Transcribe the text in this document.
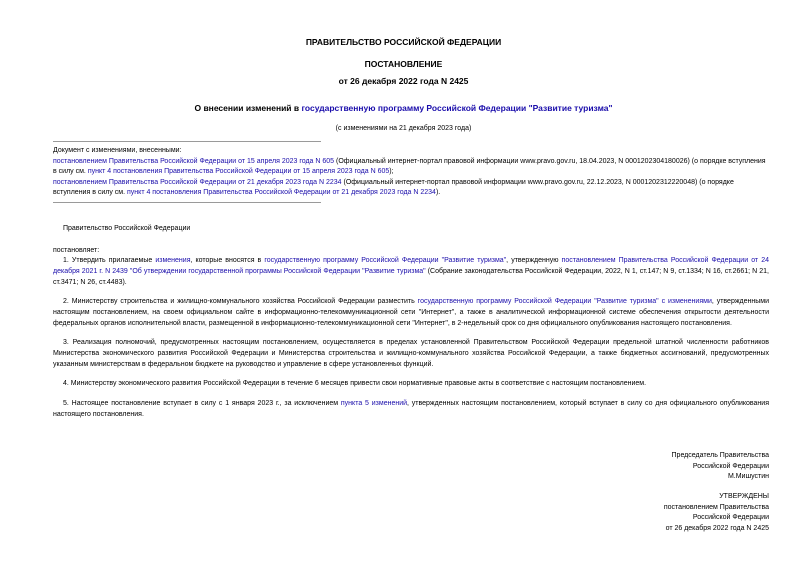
ПРАВИТЕЛЬСТВО РОССИЙСКОЙ ФЕДЕРАЦИИ
ПОСТАНОВЛЕНИЕ
от 26 декабря 2022 года N 2425
О внесении изменений в государственную программу Российской Федерации "Развитие туризма"
(с изменениями на 21 декабря 2023 года)

Документ с изменениями, внесенными:

постановлением Правительства Российской Федерации от 15 апреля 2023 года N 605 (Официальный интернет-портал правовой информации www.pravo.gov.ru, 18.04.2023, N 0001202304180026) (о порядке вступления в силу см. пункт 4 постановления Правительства Российской Федерации от 15 апреля 2023 года N 605);

постановлением Правительства Российской Федерации от 21 декабря 2023 года N 2234 (Официальный интернет-портал правовой информации www.pravo.gov.ru, 22.12.2023, N 0001202312220048) (о порядке вступления в силу см. пункт 4 постановления Правительства Российской Федерации от 21 декабря 2023 года N 2234).

Правительство Российской Федерации

постановляет:

1. Утвердить прилагаемые изменения, которые вносятся в государственную программу Российской Федерации "Развитие туризма", утвержденную постановлением Правительства Российской Федерации от 24 декабря 2021 г. N 2439 "Об утверждении государственной программы Российской Федерации "Развитие туризма" (Собрание законодательства Российской Федерации, 2022, N 1, ст.147; N 9, ст.1334; N 16, ст.2661; N 21, ст.3471; N 26, ст.4483).

2. Министерству строительства и жилищно-коммунального хозяйства Российской Федерации разместить государственную программу Российской Федерации "Развитие туризма" с изменениями, утвержденными настоящим постановлением, на своем официальном сайте в информационно-телекоммуникационной сети "Интернет", а также в аналитической информационной системе обеспечения открытости деятельности федеральных органов исполнительной власти, размещенной в информационно-телекоммуникационной сети "Интернет", в 2-недельный срок со дня официального опубликования настоящего постановления.

3. Реализация полномочий, предусмотренных настоящим постановлением, осуществляется в пределах установленной Правительством Российской Федерации предельной штатной численности работников Министерства экономического развития Российской Федерации и Министерства строительства и жилищно-коммунального хозяйства Российской Федерации, а также бюджетных ассигнований, предусмотренных указанным министерствам в федеральном бюджете на руководство и управление в сфере установленных функций.

4. Министерству экономического развития Российской Федерации в течение 6 месяцев привести свои нормативные правовые акты в соответствие с настоящим постановлением.

5. Настоящее постановление вступает в силу с 1 января 2023 г., за исключением пункта 5 изменений, утвержденных настоящим постановлением, который вступает в силу со дня официального опубликования настоящего постановления.

Председатель Правительства
Российской Федерации
М.Мишустин
УТВЕРЖДЕНЫ
постановлением Правительства
Российской Федерации
от 26 декабря 2022 года N 2425
